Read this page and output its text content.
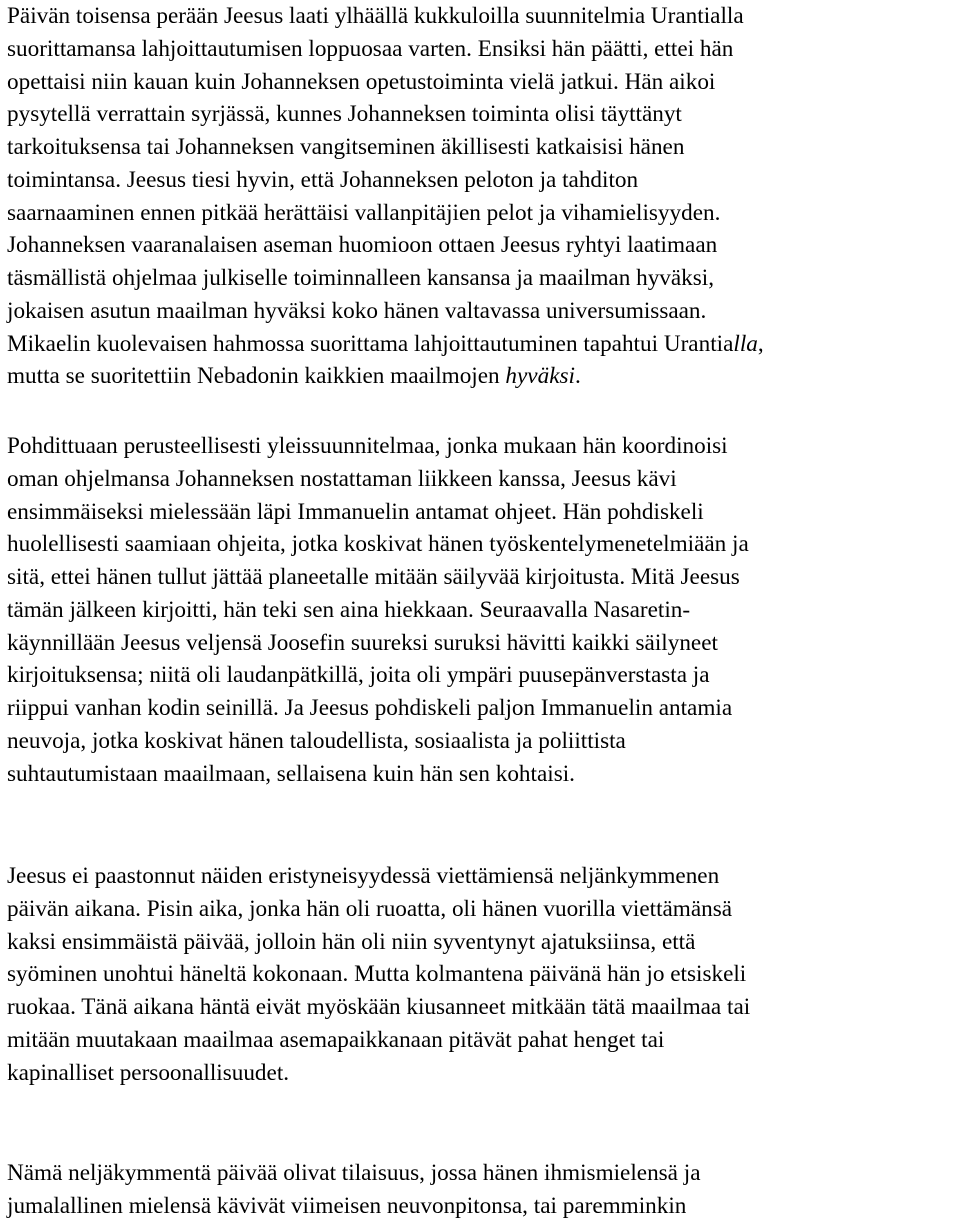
Päivän toisensa perään Jeesus laati ylhäällä kukkuloilla suunnitelmia Urantialla
suorittamansa lahjoittautumisen loppuosaa varten. Ensiksi hän päätti, ettei hän
opettaisi niin kauan kuin Johanneksen opetustoiminta vielä jatkui. Hän aikoi
pysytellä verrattain syrjässä, kunnes Johanneksen toiminta olisi täyttänyt
tarkoituksensa tai Johanneksen vangitseminen äkillisesti katkaisisi hänen
toimintansa. Jeesus tiesi hyvin, että Johanneksen peloton ja tahditon
saarnaaminen ennen pitkää herättäisi vallanpitäjien pelot ja vihamielisyyden.
Johanneksen vaaranalaisen aseman huomioon ottaen Jeesus ryhtyi laatimaan
täsmällistä ohjelmaa julkiselle toiminnalleen kansansa ja maailman hyväksi,
jokaisen asutun maailman hyväksi koko hänen valtavassa universumissaan.
Mikaelin kuolevaisen hahmossa suorittama lahjoittautuminen tapahtui Urantialla,
mutta se suoritettiin Nebadonin kaikkien maailmojen hyväksi.
Pohdittuaan perusteellisesti yleissuunnitelmaa, jonka mukaan hän koordinoisi
oman ohjelmansa Johanneksen nostattaman liikkeen kanssa, Jeesus kävi
ensimmäiseksi mielessään läpi Immanuelin antamat ohjeet. Hän pohdiskeli
huolellisesti saamiaan ohjeita, jotka koskivat hänen työskentelymenetelmiään ja
sitä, ettei hänen tullut jättää planeetalle mitään säilyvää kirjoitusta. Mitä Jeesus
tämän jälkeen kirjoitti, hän teki sen aina hiekkaan. Seuraavalla Nasaretin-
käynnillään Jeesus veljensä Joosefin suureksi suruksi hävitti kaikki säilyneet
kirjoituksensa; niitä oli laudanpätkillä, joita oli ympäri puusepänverstasta ja
riippui vanhan kodin seinillä. Ja Jeesus pohdiskeli paljon Immanuelin antamia
neuvoja, jotka koskivat hänen taloudellista, sosiaalista ja poliittista
suhtautumistaan maailmaan, sellaisena kuin hän sen kohtaisi.
Jeesus ei paastonnut näiden eristyneisyydessä viettämiensä neljänkymmenen
päivän aikana. Pisin aika, jonka hän oli ruoatta, oli hänen vuorilla viettämänsä
kaksi ensimmäistä päivää, jolloin hän oli niin syventynyt ajatuksiinsa, että
syöminen unohtui häneltä kokonaan. Mutta kolmantena päivänä hän jo etsiskeli
ruokaa. Tänä aikana häntä eivät myöskään kiusanneet mitkään tätä maailmaa tai
mitään muutakaan maailmaa asemapaikkanaan pitävät pahat henget tai
kapinalliset persoonallisuudet.
Nämä neljäkymmentä päivää olivat tilaisuus, jossa hänen ihmismielensä ja
jumalallinen mielensä kävivät viimeisen neuvonpitonsa, tai paremminkin
